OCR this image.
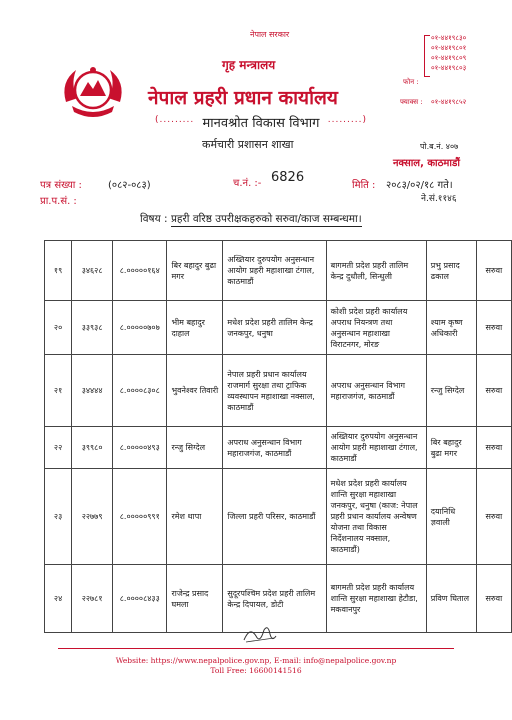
नेपाल सरकार
गृह मन्त्रालय
नेपाल प्रहरी प्रधान कार्यालय
(......... मानवश्रोत विकास विभाग .........)
कर्मचारी प्रशासन शाखा
०१-४४१९८३०
०१-४४१९८०१
०१-४४१९८०९
०१-४४१९८०३
फोन :
फ्याक्स : ०१-४४१९८५२
पो.ब.नं. ४०७
नक्साल, काठमाडौं
पत्र संख्या :	(०८२-०८३)
प्रा.प.सं. :
च.नं. :- 6826
मिति : २०८३/०२/१८ गते।
ने.सं.११४६
विषय : प्रहरी वरिष्ठ उपरीक्षकहरुको सरुवा/काज सम्बन्धमा।
१९	३४६२८	८.०००००१६४	बिर बहादुर बुढा मगर	अख्तियार दुरुपयोग अनुसन्धान आयोग प्रहरी महाशाखा टंगाल, काठमाडौं	बागमती प्रदेश प्रहरी तालिम केन्द्र दुधौली, सिन्धुली	प्रभु प्रसाद ढकाल	सरुवा
२०	३३९३८	८.०००००७०७	भीम बहादुर दाहाल	मधेश प्रदेश प्रहरी तालिम केन्द्र जनकपुर, धनुषा	कोशी प्रदेश प्रहरी कार्यालय अपराध नियन्त्रण तथा अनुसन्धान महाशाखा विराटनगर, मोरङ	श्याम कृष्ण अधिकारी	सरुवा
२१	३४४४४	८.००००८३०८	भुवनेश्वर तिवारी	नेपाल प्रहरी प्रधान कार्यालय राजमार्ग सुरक्षा तथा ट्राफिक व्यवस्थापन महाशाखा नक्साल, काठमाडौं	अपराध अनुसन्धान विभाग महाराजगंज, काठमाडौं	रन्जु सिग्देल	सरुवा
२२	३९९८०	८.०००००४९३	रन्जु सिग्देल	अपराध अनुसन्धान विभाग महाराजगंज, काठमाडौं	अख्तियार दुरुपयोग अनुसन्धान आयोग प्रहरी महाशाखा टंगाल, काठमाडौं	बिर बहादुर बुढा मगर	सरुवा
२३	२२७७९	८.०००००९९१	रमेश थापा	जिल्ला प्रहरी परिसर, काठमाडौं	मधेश प्रदेश प्रहरी कार्यालय शान्ति सुरक्षा महाशाखा जनकपुर, धनुषा (काज: नेपाल प्रहरी प्रधान कार्यालय अन्वेषण योजना तथा विकास निर्देशनालय नक्साल, काठमाडौं)	दयानिधि ज्ञवाली	सरुवा
२४	२२७८१	८.००००८४३३	राजेन्द्र प्रसाद घमला	सुदूरपश्चिम प्रदेश प्रहरी तालिम केन्द्र दिपायल, डोटी	बागमती प्रदेश प्रहरी कार्यालय शान्ति सुरक्षा महाशाखा हेटौडा, मकवानपुर	प्रविण घिताल	सरुवा
Website: https://www.nepalpolice.gov.np, E-mail: info@nepalpolice.gov.np
Toll Free: 16600141516
